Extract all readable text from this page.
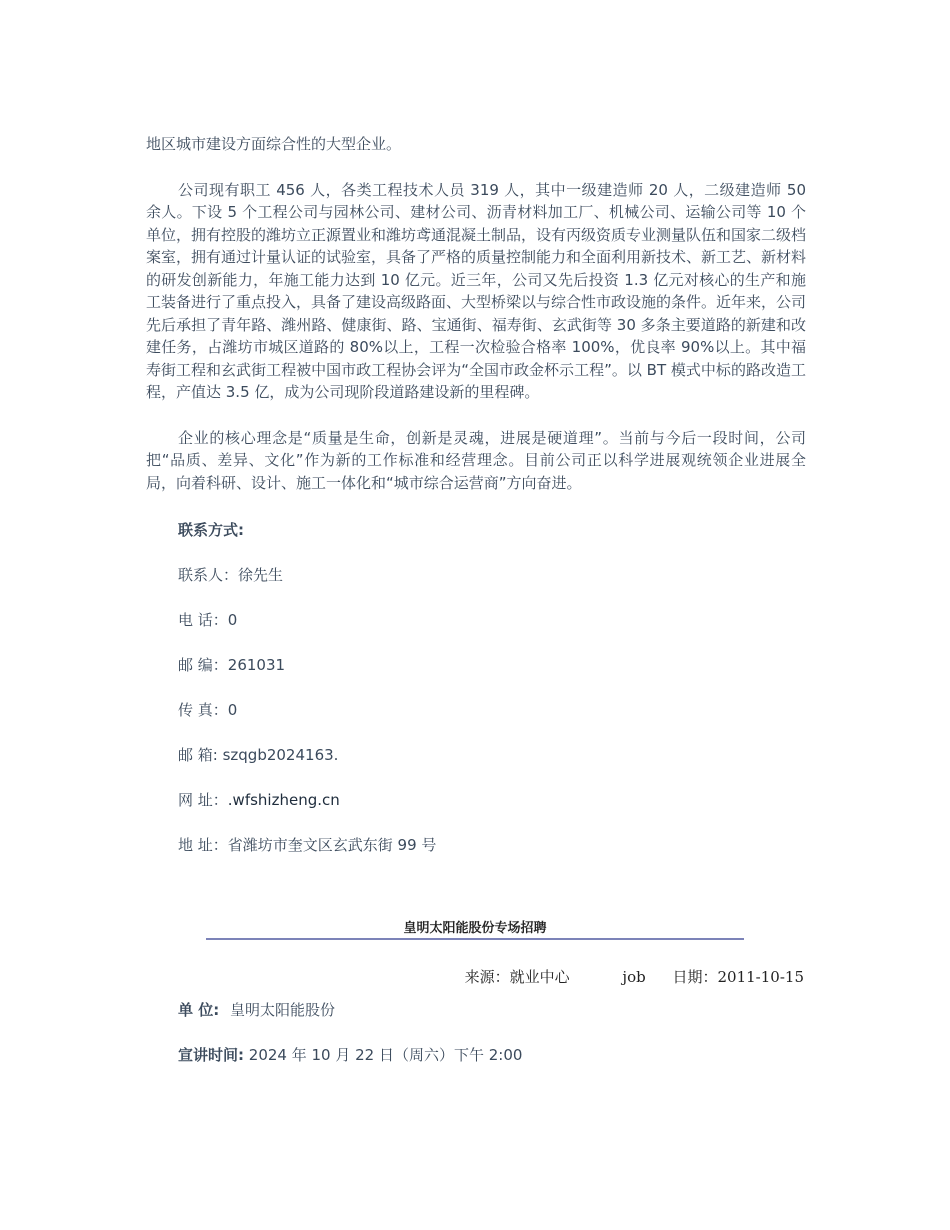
地区城市建设方面综合性的大型企业。

公司现有职工 456 人，各类工程技术人员 319 人，其中一级建造师 20 人，二级建造师 50 余人。下设 5 个工程公司与园林公司、建材公司、沥青材料加工厂、机械公司、运输公司等 10 个单位，拥有控股的潍坊立正源置业和潍坊鸢通混凝土制品，设有丙级资质专业测量队伍和国家二级档案室，拥有通过计量认证的试验室，具备了严格的质量控制能力和全面利用新技术、新工艺、新材料的研发创新能力，年施工能力达到 10 亿元。近三年，公司又先后投资 1.3 亿元对核心的生产和施工装备进行了重点投入，具备了建设高级路面、大型桥梁以与综合性市政设施的条件。近年来，公司先后承担了青年路、潍州路、健康街、路、宝通街、福寿街、玄武街等 30 多条主要道路的新建和改建任务，占潍坊市城区道路的 80%以上，工程一次检验合格率 100%，优良率 90%以上。其中福寿街工程和玄武街工程被中国市政工程协会评为“全国市政金杯示工程”。以 BT 模式中标的路改造工程，产值达 3.5 亿，成为公司现阶段道路建设新的里程碑。

企业的核心理念是“质量是生命，创新是灵魂，进展是硬道理”。当前与今后一段时间，公司把“品质、差异、文化”作为新的工作标准和经营理念。目前公司正以科学进展观统领企业进展全局，向着科研、设计、施工一体化和“城市综合运营商”方向奋进。

联系方式:

联系人：徐先生

电 话：0

邮 编：261031

传 真：0

邮 箱: szqgb2024163.

网 址：.wfshizheng.cn

地 址：省潍坊市奎文区玄武东街 99 号

皇明太阳能股份专场招聘
来源：就业中心	job 日期：2011-10-15
单 位: 皇明太阳能股份
宣讲时间: 2024 年 10 月 22 日（周六）下午 2:00
